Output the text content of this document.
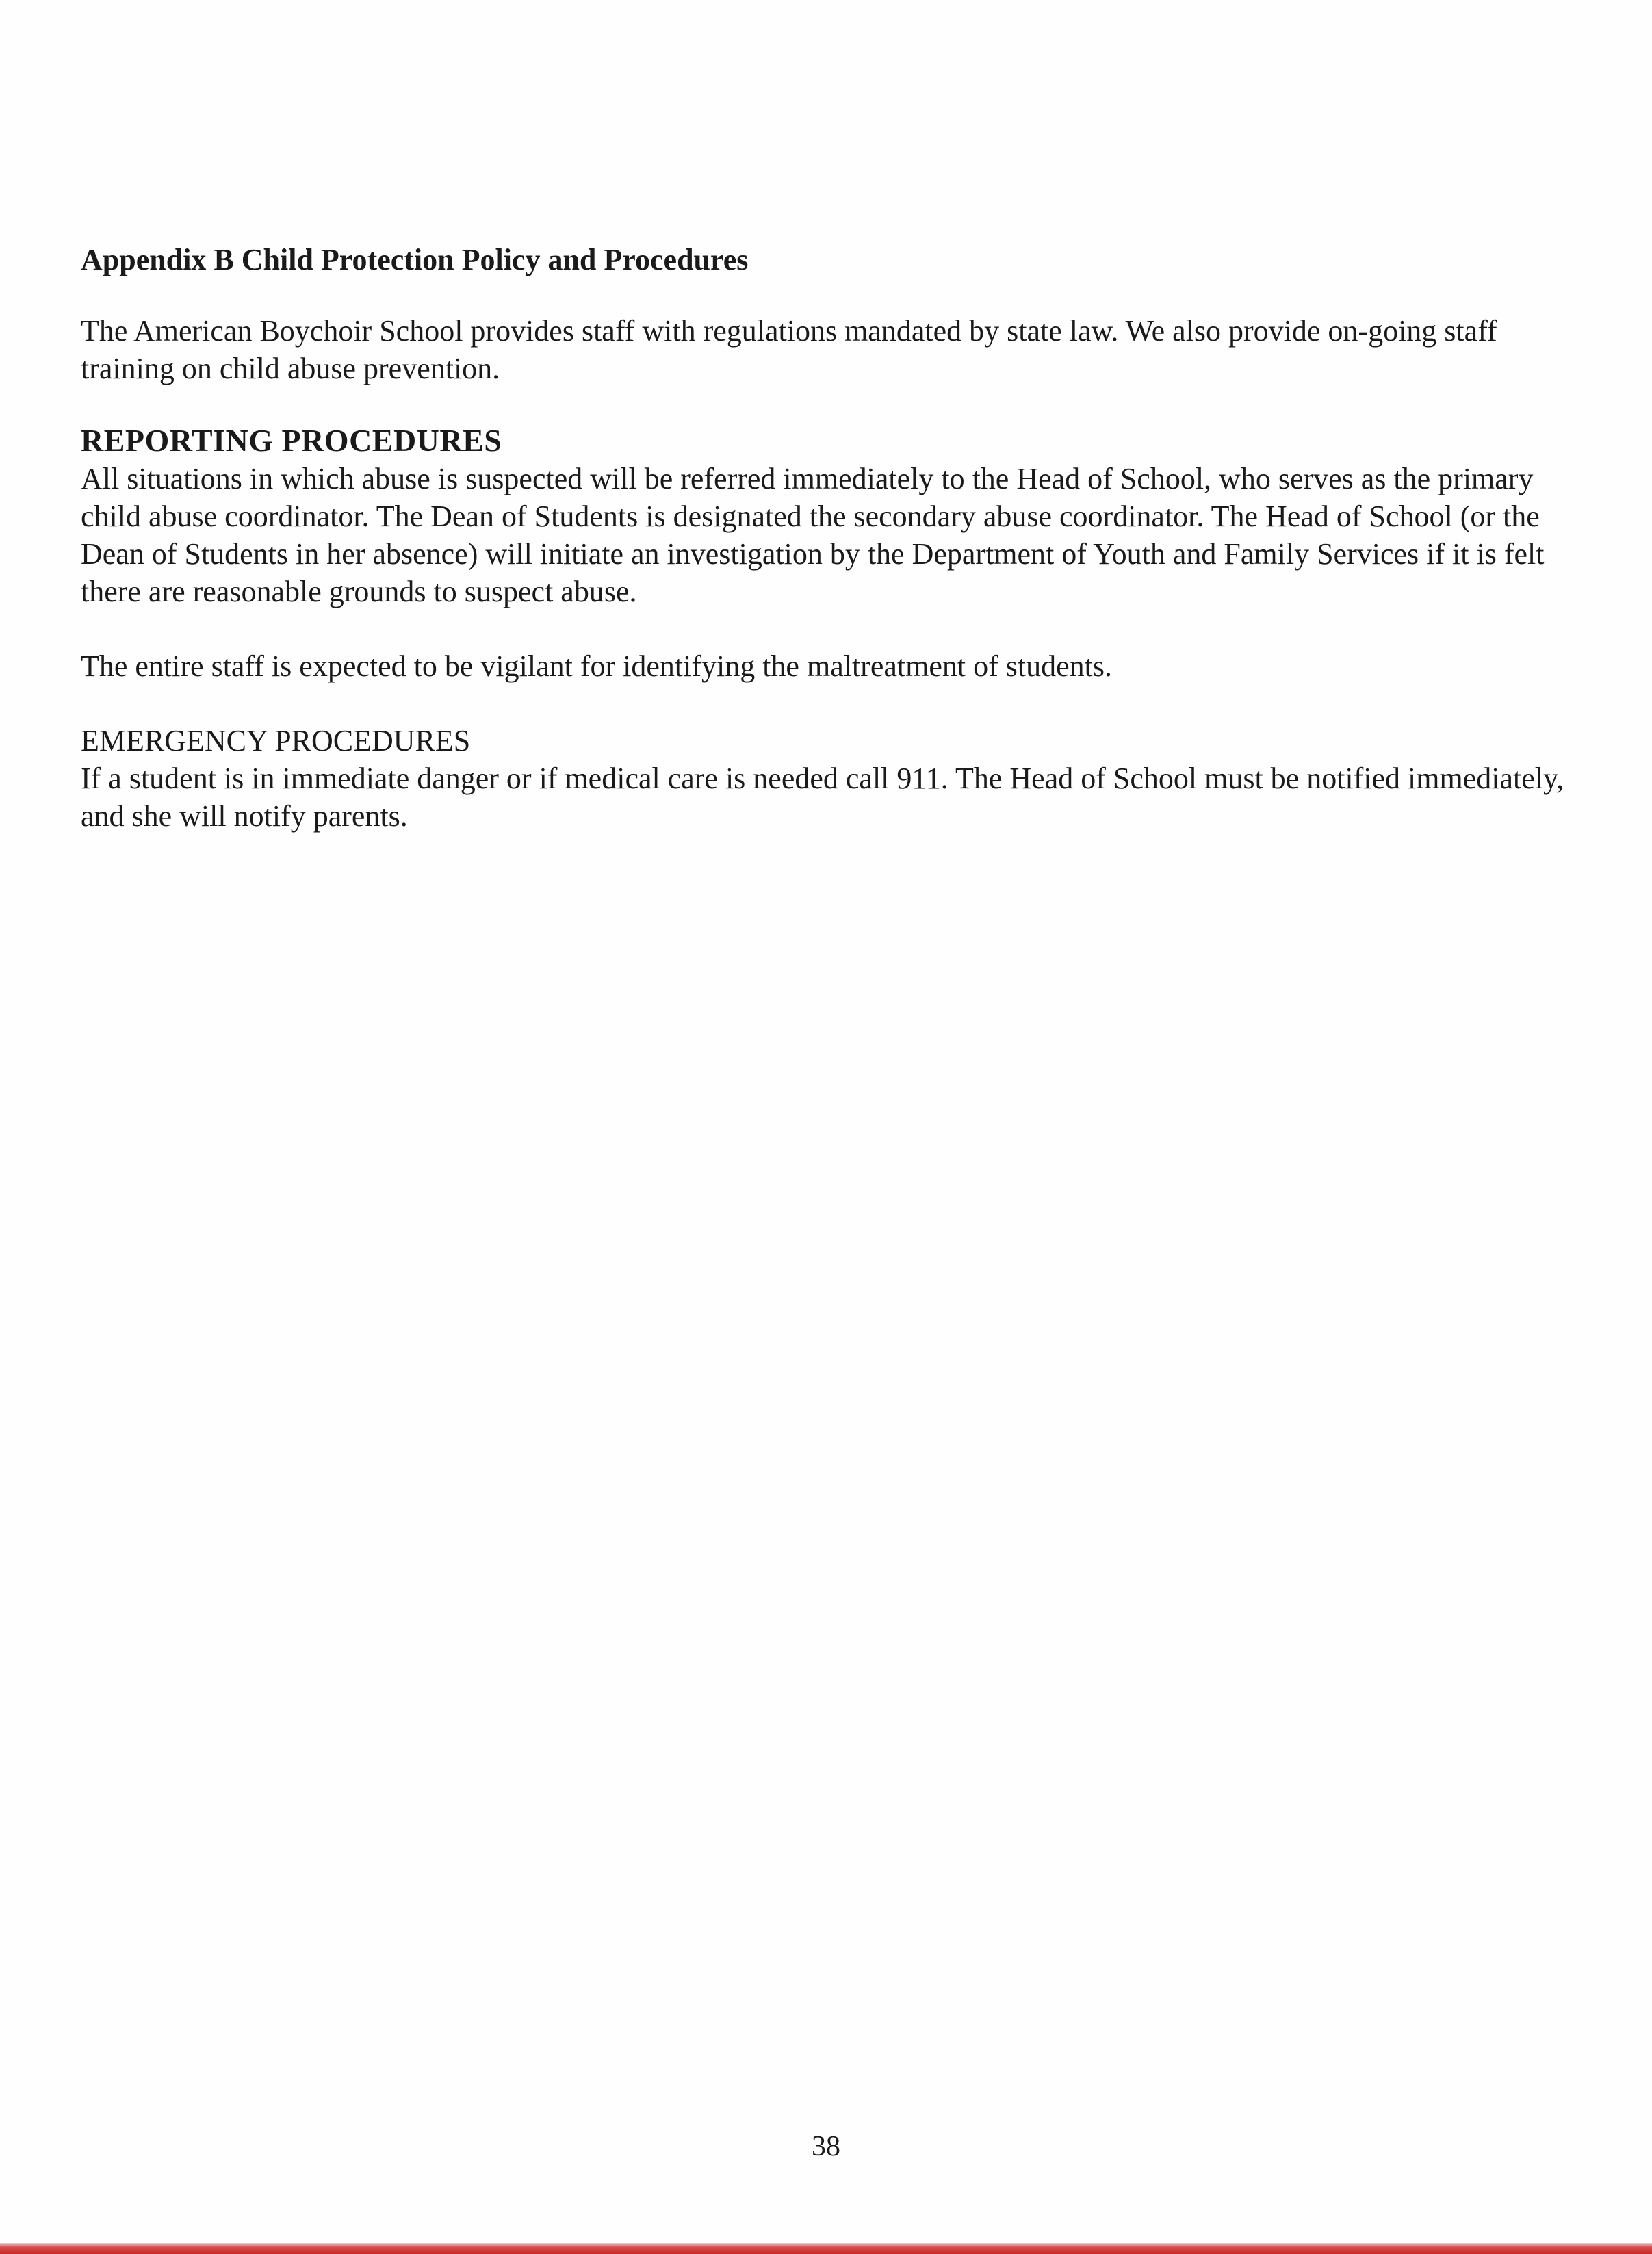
Appendix B Child Protection Policy and Procedures

The American Boychoir School provides staff with regulations mandated by state law. We also provide on-going staff training on child abuse prevention.

REPORTING PROCEDURES

All situations in which abuse is suspected will be referred immediately to the Head of School, who serves as the primary child abuse coordinator. The Dean of Students is designated the secondary abuse coordinator. The Head of School (or the Dean of Students in her absence) will initiate an investigation by the Department of Youth and Family Services if it is felt there are reasonable grounds to suspect abuse.

The entire staff is expected to be vigilant for identifying the maltreatment of students.

EMERGENCY PROCEDURES

If a student is in immediate danger or if medical care is needed call 911. The Head of School must be notified immediately, and she will notify parents.

38
